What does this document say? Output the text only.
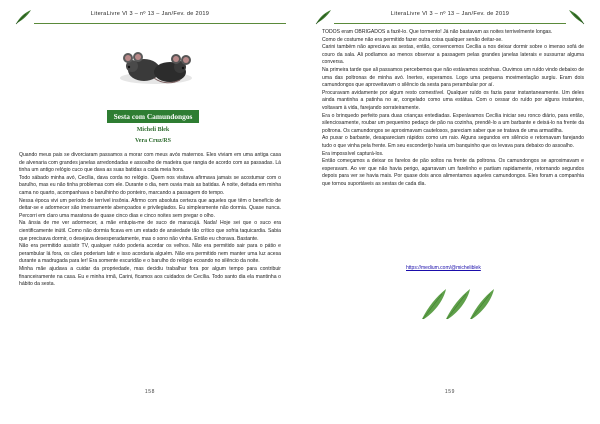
LiteraLivre Vl 3 – nº 13 – Jan/Fev. de 2019
Sesta com Camundongos
Micheli Blek
Vera Cruz/RS

Quando meus pais se divorciaram passamos a morar com meus avós maternos. Eles viviam em uma antiga casa de alvenaria com grandes janelas arredondadas e assoalho de madeira que rangia de acordo com as passadas. Lá tinha um antigo relógio cuco que dava as suas batidas a cada meia hora.

Todo sábado minha avó, Cecília, dava corda no relógio. Quem nos visitava afirmava jamais se acostumar com o barulho, mas eu não tinha problemas com ele. Durante o dia, nem ouvia mais as batidas. À noite, deitada em minha cama no quarto, acompanhava o barulhinho do ponteiro, marcando a passagem do tempo.

Nessa época vivi um período de terrível insônia. Afirmo com absoluta certeza que aqueles que têm o benefício de deitar-se e adormecer são imensamente abençoados e privilegiados. Eu simplesmente não dormia. Quase nunca. Percorri em claro uma maratona de quase cinco dias e cinco noites sem pregar o olho.

Na ânsia de me ver adormecer, a mãe entupia-me de suco de maracujá. Nada! Hoje sei que o suco era cientificamente inútil. Como não dormia ficava em um estado de ansiedade tão crítico que sofria taquicardia. Sabia que precisava dormir, o desejava desesperadamente, mas o sono não vinha. Então eu chorava. Bastante.

Não era permitido assistir TV, qualquer ruído poderia acordar os velhos. Não era permitido sair para o pátio e perambular lá fora, os cães poderiam latir e isso acordaria alguém. Não era permitido nem manter uma luz acesa durante a madrugada para ler! Era somente escuridão e o barulho do relógio ecoando no silêncio da noite.

Minha mãe ajudava a cuidar da propriedade, mas decidiu trabalhar fora por algum tempo para contribuir financeiramente na casa. Eu e minha irmã, Carini, ficamos aos cuidados de Cecília. Todo santo dia ela mantinha o hábito da sesta.

158
LiteraLivre Vl 3 – nº 13 – Jan/Fev. de 2019

TODOS eram OBRIGADOS a fazê-lo. Que tormento! Já não bastavam as noites terrivelmente longas.

Como de costume não era permitido fazer outra coisa qualquer senão deitar-se.

Carini também não apreciava as sestas, então, convencemos Cecília a nos deixar dormir sobre o imenso sofá de couro da sala. Ali podíamos ao menos observar a passagem pelas grandes janelas laterais e sussurrar alguma conversa.

Na primeira tarde que ali passamos percebemos que não estávamos sozinhas. Ouvimos um ruído vindo debaixo de uma das poltronas de minha avó. Inertes, esperamos. Logo uma pequena movimentação surgiu. Eram dois camundongos que aproveitavam o silêncio da sesta para perambular por aí.

Procuravam avidamente por algum resto comestível. Qualquer ruído os fazia parar instantaneamente. Um deles ainda mantinha a patinha no ar, congelado como uma estátua. Com o cessar do ruído por alguns instantes, voltavam à vida, farejando sorrateiramente.

Era o brinquedo perfeito para duas crianças entediadas. Esperávamos Cecília iniciar seu ronco diário, para então, silenciosamente, roubar um pequenino pedaço de pão na cozinha, prendê-lo a um barbante e deixá-lo na frente da poltrona. Os camundongos se aproximavam cautelosos, pareciam saber que se tratava de uma armadilha.

Ao puxar o barbante, desapareciam rápidos como um raio. Alguns segundos em silêncio e retornavam farejando tudo o que vinha pela frente. Em seu esconderijo havia um banquinho que os levava para debaixo do assoalho.

Era impossível capturá-los.

Então começamos a deixar os farelos de pão soltos na frente da poltrona. Os camundongos se aproximavam e esperavam. Ao ver que não havia perigo, agarravam um farelinho e partiam rapidamente, retornando segundos depois para ver se havia mais. Por quase dois anos alimentamos aqueles camundongos. Eles foram a companhia que tornou suportáveis as sestas de cada dia.

https://medium.com/@micheliblek
159
